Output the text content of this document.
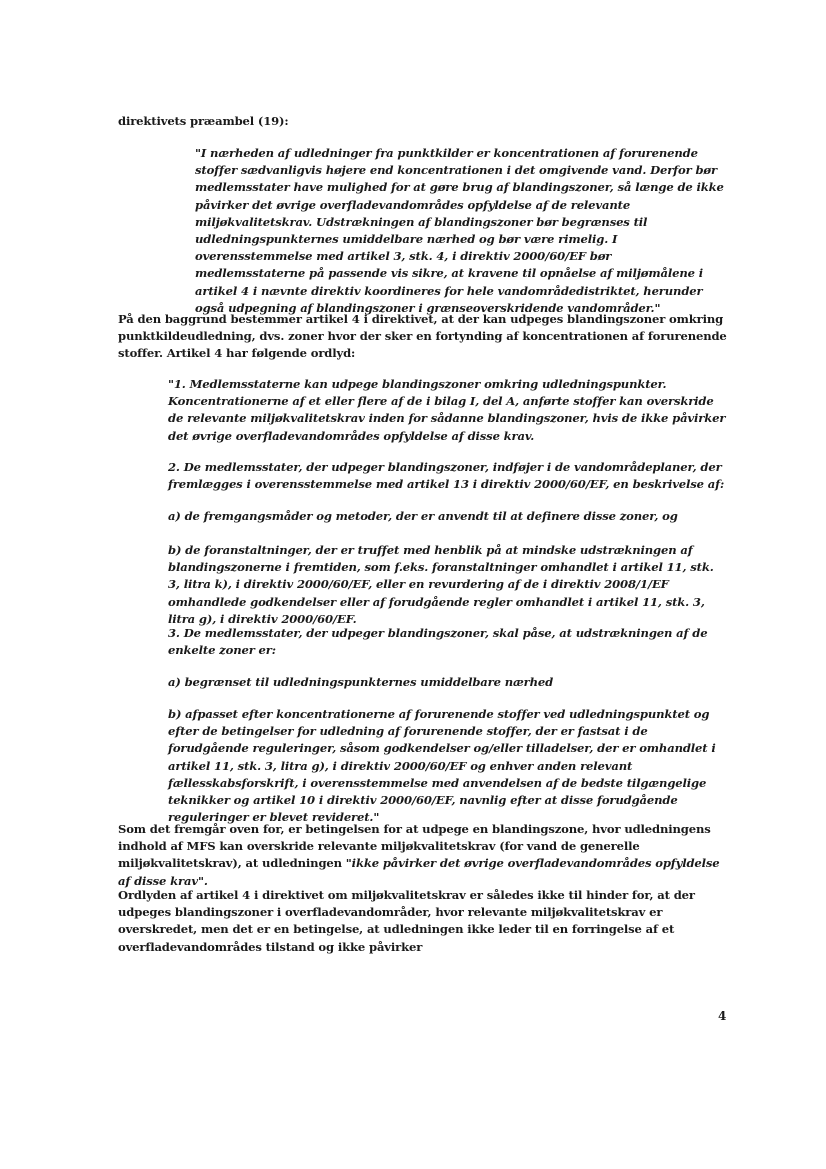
direktivets præambel (19):

"I nærheden af udledninger fra punktkilder er koncentrationen af forurenende stoffer sædvanligvis højere end koncentrationen i det omgivende vand. Derfor bør medlemsstater have mulighed for at gøre brug af blandingszoner, så længe de ikke påvirker det øvrige overfladevandområdes opfyldelse af de relevante miljøkvalitetskrav. Udstrækningen af blandingszoner bør begrænses til udledningspunkternes umiddelbare nærhed og bør være rimelig. I overensstemmelse med artikel 3, stk. 4, i direktiv 2000/60/EF bør medlemsstaterne på passende vis sikre, at kravene til opnåelse af miljømålene i artikel 4 i nævnte direktiv koordineres for hele vandområdedistriktet, herunder også udpegning af blandingszoner i grænseoverskridende vandområder."

På den baggrund bestemmer artikel 4 i direktivet, at der kan udpeges blandingszoner omkring punktkildeudledning, dvs. zoner hvor der sker en fortynding af koncentrationen af forurenende stoffer. Artikel 4 har følgende ordlyd:

"1. Medlemsstaterne kan udpege blandingszoner omkring udledningspunkter. Koncentrationerne af et eller flere af de i bilag I, del A, anførte stoffer kan overskride de relevante miljøkvalitetskrav inden for sådanne blandingszoner, hvis de ikke påvirker det øvrige overfladevandområdes opfyldelse af disse krav.

2. De medlemsstater, der udpeger blandingszoner, indføjer i de vandområdeplaner, der fremlægges i overensstemmelse med artikel 13 i direktiv 2000/60/EF, en beskrivelse af:

a) de fremgangsmåder og metoder, der er anvendt til at definere disse zoner, og

b) de foranstaltninger, der er truffet med henblik på at mindske udstrækningen af blandingszonerne i fremtiden, som f.eks. foranstaltninger omhandlet i artikel 11, stk. 3, litra k), i direktiv 2000/60/EF, eller en revurdering af de i direktiv 2008/1/EF omhandlede godkendelser eller af forudgående regler omhandlet i artikel 11, stk. 3, litra g), i direktiv 2000/60/EF.

3. De medlemsstater, der udpeger blandingszoner, skal påse, at udstrækningen af de enkelte zoner er:

a) begrænset til udledningspunkternes umiddelbare nærhed

b) afpasset efter koncentrationerne af forurenende stoffer ved udledningspunktet og efter de betingelser for udledning af forurenende stoffer, der er fastsat i de forudgående reguleringer, såsom godkendelser og/eller tilladelser, der er omhandlet i artikel 11, stk. 3, litra g), i direktiv 2000/60/EF og enhver anden relevant fællesskabsforskrift, i overensstemmelse med anvendelsen af de bedste tilgængelige teknikker og artikel 10 i direktiv 2000/60/EF, navnlig efter at disse forudgående reguleringer er blevet revideret."

Som det fremgår oven for, er betingelsen for at udpege en blandingszone, hvor udledningens indhold af MFS kan overskride relevante miljøkvalitetskrav (for vand de generelle miljøkvalitetskrav), at udledningen "ikke påvirker det øvrige overfladevandområdes opfyldelse af disse krav".

Ordlyden af artikel 4 i direktivet om miljøkvalitetskrav er således ikke til hinder for, at der udpeges blandingszoner i overfladevandområder, hvor relevante miljøkvalitetskrav er overskredet, men det er en betingelse, at udledningen ikke leder til en forringelse af et overfladevandområdes tilstand og ikke påvirker

4
